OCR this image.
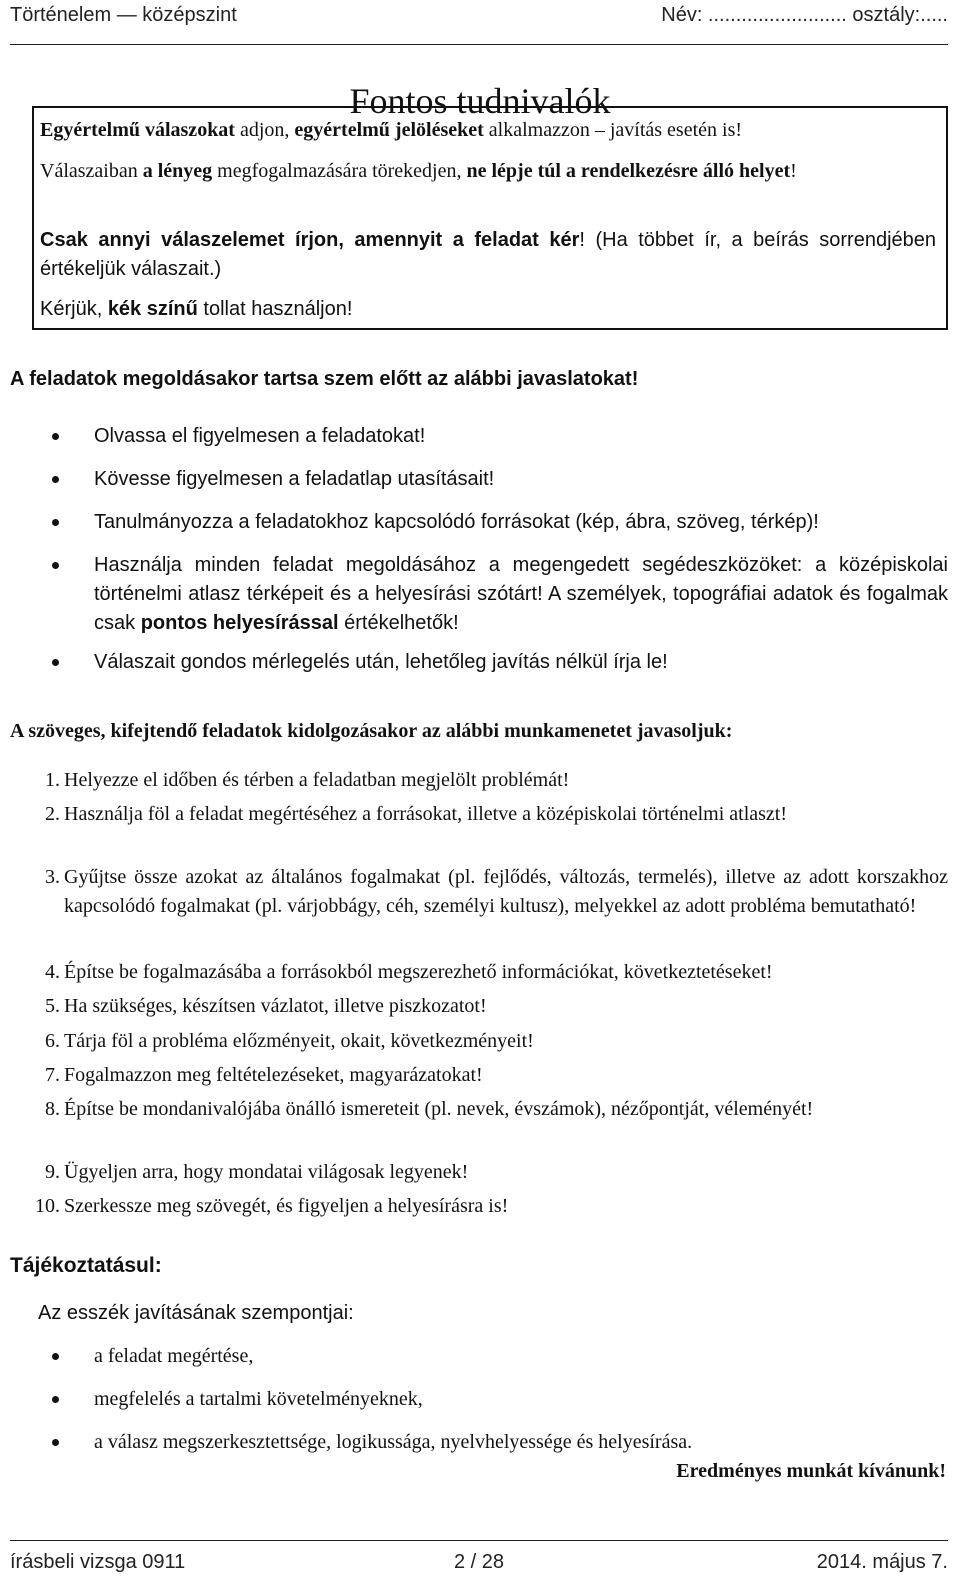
Történelem — középszint	Név: ......................... osztály:.....
Fontos tudnivalók

Egyértelmű válaszokat adjon, egyértelmű jelöléseket alkalmazzon – javítás esetén is!

Válaszaiban a lényeg megfogalmazására törekedjen, ne lépje túl a rendelkezésre álló helyet!

Csak annyi válaszelemet írjon, amennyit a feladat kér! (Ha többet ír, a beírás sorrendjében értékeljük válaszait.)

Kérjük, kék színű tollat használjon!

A feladatok megoldásakor tartsa szem előtt az alábbi javaslatokat!
Olvassa el figyelmesen a feladatokat!
Kövesse figyelmesen a feladatlap utasításait!
Tanulmányozza a feladatokhoz kapcsolódó forrásokat (kép, ábra, szöveg, térkép)!
Használja minden feladat megoldásához a megengedett segédeszközöket: a középiskolai történelmi atlasz térképeit és a helyesírási szótárt! A személyek, topográfiai adatok és fogalmak csak pontos helyesírással értékelhetők!
Válaszait gondos mérlegelés után, lehetőleg javítás nélkül írja le!
A szöveges, kifejtendő feladatok kidolgozásakor az alábbi munkamenetet javasoljuk:
1. Helyezze el időben és térben a feladatban megjelölt problémát!
2. Használja föl a feladat megértéséhez a forrásokat, illetve a középiskolai történelmi atlaszt!
3. Gyűjtse össze azokat az általános fogalmakat (pl. fejlődés, változás, termelés), illetve az adott korszakhoz kapcsolódó fogalmakat (pl. várjobbágy, céh, személyi kultusz), melyekkel az adott probléma bemutatható!
4. Építse be fogalmazásába a forrásokból megszerezhető információkat, következtetéseket!
5. Ha szükséges, készítsen vázlatot, illetve piszkozatot!
6. Tárja föl a probléma előzményeit, okait, következményeit!
7. Fogalmazzon meg feltételezéseket, magyarázatokat!
8. Építse be mondanivalójába önálló ismereteit (pl. nevek, évszámok), nézőpontját, véleményét!
9. Ügyeljen arra, hogy mondatai világosak legyenek!
10. Szerkessze meg szövegét, és figyeljen a helyesírásra is!
Tájékoztatásul:

Az esszék javításának szempontjai:

a feladat megértése,
megfelelés a tartalmi követelményeknek,
a válasz megszerkesztettsége, logikussága, nyelvhelyessége és helyesírása.
Eredményes munkát kívánunk!
írásbeli vizsga 0911	2 / 28	2014. május 7.
